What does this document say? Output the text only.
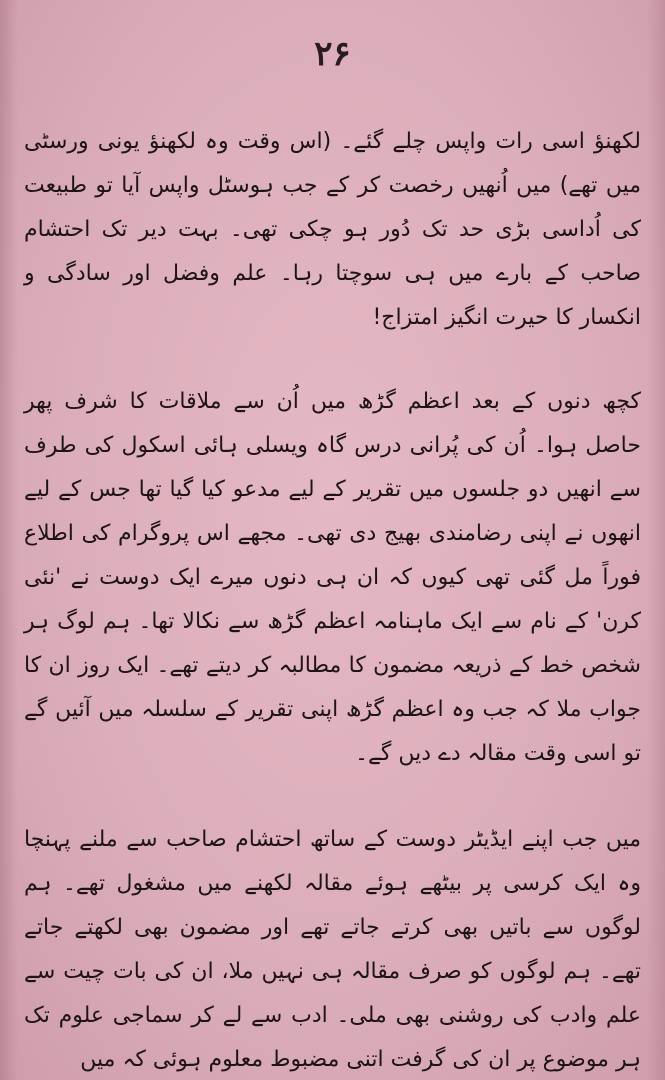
۲۶

لکھنؤ اسی رات واپس چلے گئے۔ (اس وقت وہ لکھنؤ یونی ورسٹی میں تھے) میں اُنھیں رخصت کر کے جب ہوسٹل واپس آیا تو طبیعت کی اُداسی بڑی حد تک دُور ہو چکی تھی۔ بہت دیر تک احتشام صاحب کے بارے میں ہی سوچتا رہا۔ علم وفضل اور سادگی و انکسار کا حیرت انگیز امتزاج!

کچھ دنوں کے بعد اعظم گڑھ میں اُن سے ملاقات کا شرف پھر حاصل ہوا۔ اُن کی پُرانی درس گاہ ویسلی ہائی اسکول کی طرف سے انھیں دو جلسوں میں تقریر کے لیے مدعو کیا گیا تھا جس کے لیے انھوں نے اپنی رضامندی بھیج دی تھی۔ مجھے اس پروگرام کی اطلاع فوراً مل گئی تھی کیوں کہ ان ہی دنوں میرے ایک دوست نے 'نئی کرن' کے نام سے ایک ماہنامہ اعظم گڑھ سے نکالا تھا۔ ہم لوگ ہر شخص خط کے ذریعہ مضمون کا مطالبہ کر دیتے تھے۔ ایک روز ان کا جواب ملا کہ جب وہ اعظم گڑھ اپنی تقریر کے سلسلہ میں آئیں گے تو اسی وقت مقالہ دے دیں گے۔

میں جب اپنے ایڈیٹر دوست کے ساتھ احتشام صاحب سے ملنے پہنچا وہ ایک کرسی پر بیٹھے ہوئے مقالہ لکھنے میں مشغول تھے۔ ہم لوگوں سے باتیں بھی کرتے جاتے تھے اور مضمون بھی لکھتے جاتے تھے۔ ہم لوگوں کو صرف مقالہ ہی نہیں ملا، ان کی بات چیت سے علم وادب کی روشنی بھی ملی۔ ادب سے لے کر سماجی علوم تک ہر موضوع پر ان کی گرفت اتنی مضبوط معلوم ہوئی کہ میں
